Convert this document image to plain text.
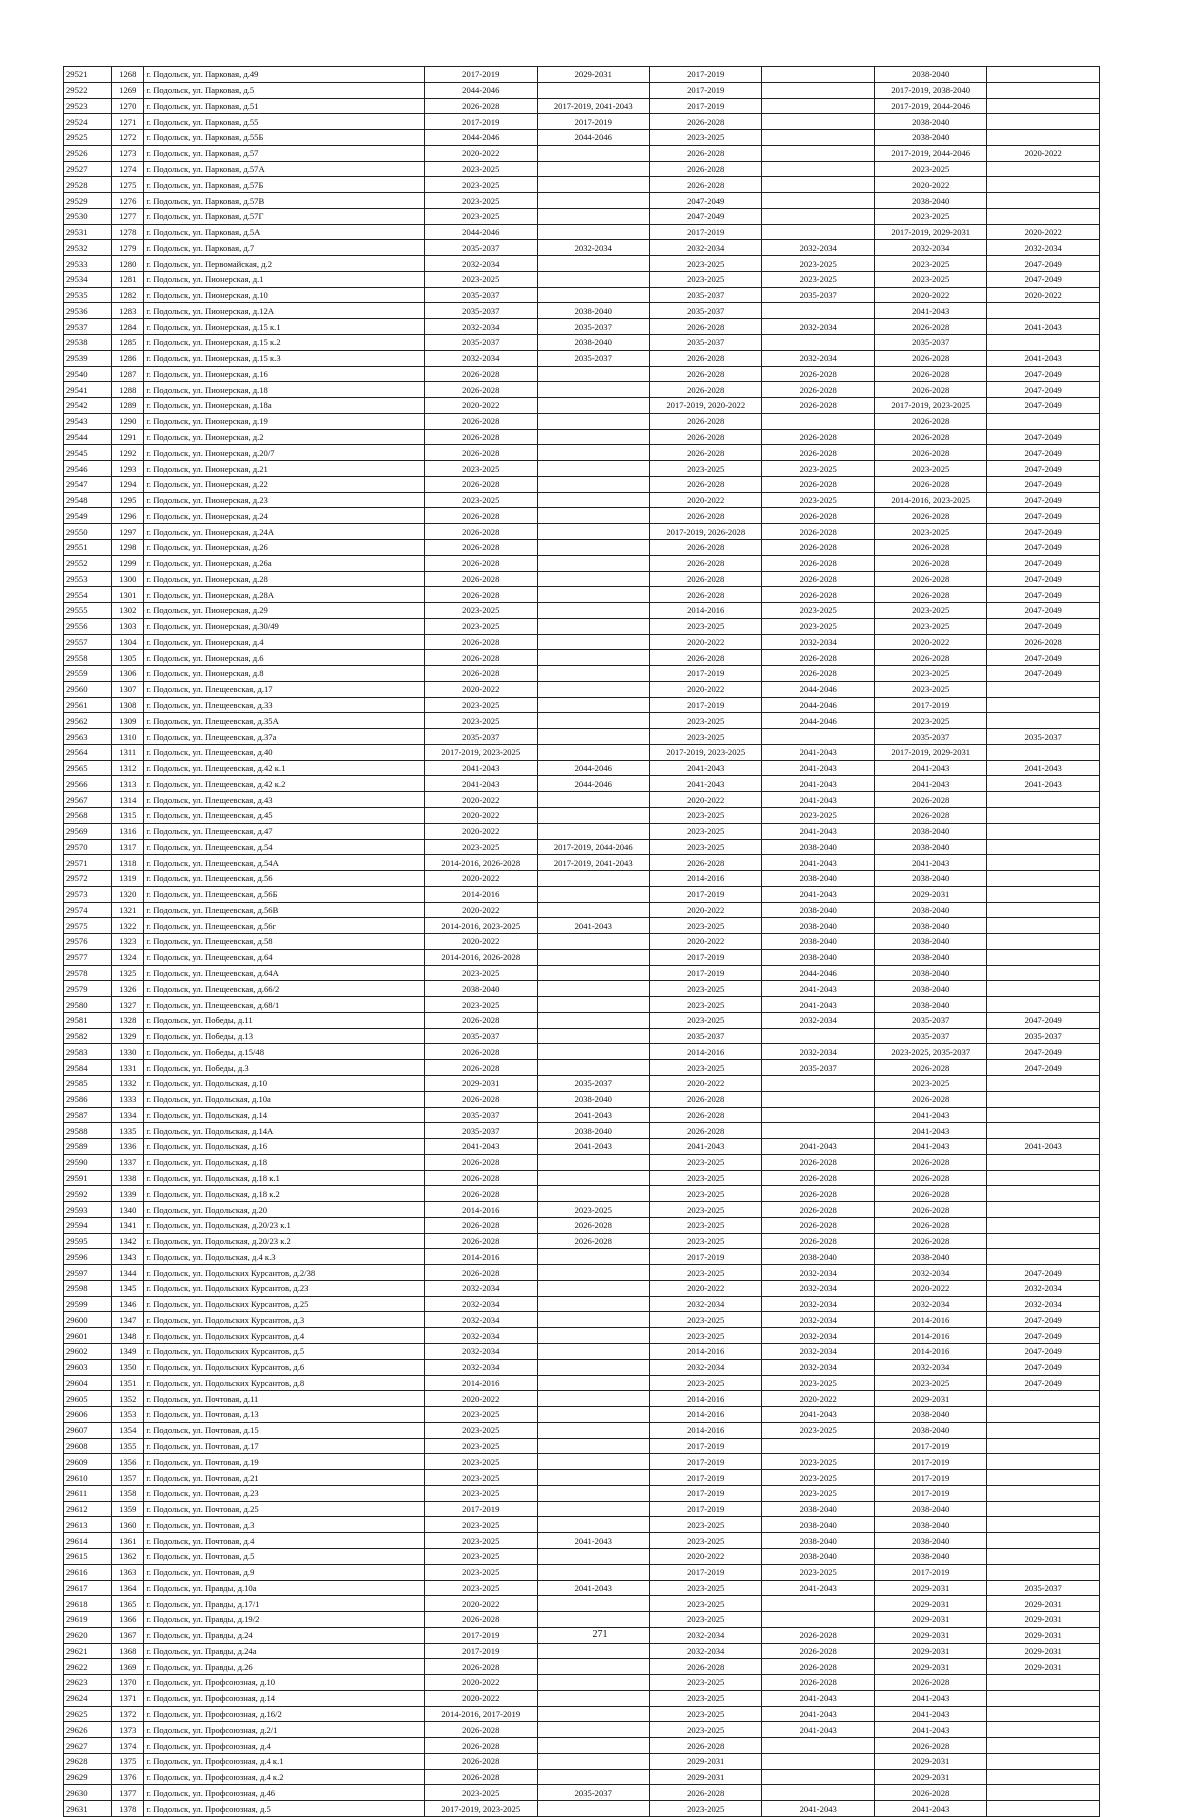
29521	1268	г. Подольск, ул. Парковая, д.49	2017-2019	2029-2031	2017-2019		2038-2040	
29522	1269	г. Подольск, ул. Парковая, д.5	2044-2046		2017-2019		2017-2019, 2038-2040	
29523	1270	г. Подольск, ул. Парковая, д.51	2026-2028	2017-2019, 2041-2043	2017-2019		2017-2019, 2044-2046	
29524	1271	г. Подольск, ул. Парковая, д.55	2017-2019	2017-2019	2026-2028		2038-2040	
29525	1272	г. Подольск, ул. Парковая, д.55Б	2044-2046	2044-2046	2023-2025		2038-2040	
29526	1273	г. Подольск, ул. Парковая, д.57	2020-2022		2026-2028		2017-2019, 2044-2046	2020-2022
29527	1274	г. Подольск, ул. Парковая, д.57А	2023-2025		2026-2028		2023-2025	
29528	1275	г. Подольск, ул. Парковая, д.57Б	2023-2025		2026-2028		2020-2022	
29529	1276	г. Подольск, ул. Парковая, д.57В	2023-2025		2047-2049		2038-2040	
29530	1277	г. Подольск, ул. Парковая, д.57Г	2023-2025		2047-2049		2023-2025	
29531	1278	г. Подольск, ул. Парковая, д.5А	2044-2046		2017-2019		2017-2019, 2029-2031	2020-2022
29532	1279	г. Подольск, ул. Парковая, д.7	2035-2037	2032-2034	2032-2034	2032-2034	2032-2034	2032-2034
29533	1280	г. Подольск, ул. Первомайская, д.2	2032-2034		2023-2025	2023-2025	2023-2025	2047-2049
29534	1281	г. Подольск, ул. Пионерская, д.1	2023-2025		2023-2025	2023-2025	2023-2025	2047-2049
29535	1282	г. Подольск, ул. Пионерская, д.10	2035-2037		2035-2037	2035-2037	2020-2022	2020-2022
29536	1283	г. Подольск, ул. Пионерская, д.12А	2035-2037	2038-2040	2035-2037		2041-2043	
29537	1284	г. Подольск, ул. Пионерская, д.15 к.1	2032-2034	2035-2037	2026-2028	2032-2034	2026-2028	2041-2043
29538	1285	г. Подольск, ул. Пионерская, д.15 к.2	2035-2037	2038-2040	2035-2037		2035-2037	
29539	1286	г. Подольск, ул. Пионерская, д.15 к.3	2032-2034	2035-2037	2026-2028	2032-2034	2026-2028	2041-2043
29540	1287	г. Подольск, ул. Пионерская, д.16	2026-2028		2026-2028	2026-2028	2026-2028	2047-2049
29541	1288	г. Подольск, ул. Пионерская, д.18	2026-2028		2026-2028	2026-2028	2026-2028	2047-2049
29542	1289	г. Подольск, ул. Пионерская, д.18а	2020-2022		2017-2019, 2020-2022	2026-2028	2017-2019, 2023-2025	2047-2049
29543	1290	г. Подольск, ул. Пионерская, д.19	2026-2028		2026-2028		2026-2028	
29544	1291	г. Подольск, ул. Пионерская, д.2	2026-2028		2026-2028	2026-2028	2026-2028	2047-2049
29545	1292	г. Подольск, ул. Пионерская, д.20/7	2026-2028		2026-2028	2026-2028	2026-2028	2047-2049
29546	1293	г. Подольск, ул. Пионерская, д.21	2023-2025		2023-2025	2023-2025	2023-2025	2047-2049
29547	1294	г. Подольск, ул. Пионерская, д.22	2026-2028		2026-2028	2026-2028	2026-2028	2047-2049
29548	1295	г. Подольск, ул. Пионерская, д.23	2023-2025		2020-2022	2023-2025	2014-2016, 2023-2025	2047-2049
29549	1296	г. Подольск, ул. Пионерская, д.24	2026-2028		2026-2028	2026-2028	2026-2028	2047-2049
29550	1297	г. Подольск, ул. Пионерская, д.24А	2026-2028		2017-2019, 2026-2028	2026-2028	2023-2025	2047-2049
29551	1298	г. Подольск, ул. Пионерская, д.26	2026-2028		2026-2028	2026-2028	2026-2028	2047-2049
29552	1299	г. Подольск, ул. Пионерская, д.26а	2026-2028		2026-2028	2026-2028	2026-2028	2047-2049
29553	1300	г. Подольск, ул. Пионерская, д.28	2026-2028		2026-2028	2026-2028	2026-2028	2047-2049
29554	1301	г. Подольск, ул. Пионерская, д.28А	2026-2028		2026-2028	2026-2028	2026-2028	2047-2049
29555	1302	г. Подольск, ул. Пионерская, д.29	2023-2025		2014-2016	2023-2025	2023-2025	2047-2049
29556	1303	г. Подольск, ул. Пионерская, д.30/49	2023-2025		2023-2025	2023-2025	2023-2025	2047-2049
29557	1304	г. Подольск, ул. Пионерская, д.4	2026-2028		2020-2022	2032-2034	2020-2022	2026-2028
29558	1305	г. Подольск, ул. Пионерская, д.6	2026-2028		2026-2028	2026-2028	2026-2028	2047-2049
29559	1306	г. Подольск, ул. Пионерская, д.8	2026-2028		2017-2019	2026-2028	2023-2025	2047-2049
29560	1307	г. Подольск, ул. Плещеевская, д.17	2020-2022		2020-2022	2044-2046	2023-2025	
29561	1308	г. Подольск, ул. Плещеевская, д.33	2023-2025		2017-2019	2044-2046	2017-2019	
29562	1309	г. Подольск, ул. Плещеевская, д.35А	2023-2025		2023-2025	2044-2046	2023-2025	
29563	1310	г. Подольск, ул. Плещеевская, д.37а	2035-2037		2023-2025		2035-2037	2035-2037
29564	1311	г. Подольск, ул. Плещеевская, д.40	2017-2019, 2023-2025		2017-2019, 2023-2025	2041-2043	2017-2019, 2029-2031	
29565	1312	г. Подольск, ул. Плещеевская, д.42 к.1	2041-2043	2044-2046	2041-2043	2041-2043	2041-2043	2041-2043
29566	1313	г. Подольск, ул. Плещеевская, д.42 к.2	2041-2043	2044-2046	2041-2043	2041-2043	2041-2043	2041-2043
29567	1314	г. Подольск, ул. Плещеевская, д.43	2020-2022		2020-2022	2041-2043	2026-2028	
29568	1315	г. Подольск, ул. Плещеевская, д.45	2020-2022		2023-2025	2023-2025	2026-2028	
29569	1316	г. Подольск, ул. Плещеевская, д.47	2020-2022		2023-2025	2041-2043	2038-2040	
29570	1317	г. Подольск, ул. Плещеевская, д.54	2023-2025	2017-2019, 2044-2046	2023-2025	2038-2040	2038-2040	
29571	1318	г. Подольск, ул. Плещеевская, д.54А	2014-2016, 2026-2028	2017-2019, 2041-2043	2026-2028	2041-2043	2041-2043	
29572	1319	г. Подольск, ул. Плещеевская, д.56	2020-2022		2014-2016	2038-2040	2038-2040	
29573	1320	г. Подольск, ул. Плещеевская, д.56Б	2014-2016		2017-2019	2041-2043	2029-2031	
29574	1321	г. Подольск, ул. Плещеевская, д.56В	2020-2022		2020-2022	2038-2040	2038-2040	
29575	1322	г. Подольск, ул. Плещеевская, д.56г	2014-2016, 2023-2025	2041-2043	2023-2025	2038-2040	2038-2040	
29576	1323	г. Подольск, ул. Плещеевская, д.58	2020-2022		2020-2022	2038-2040	2038-2040	
29577	1324	г. Подольск, ул. Плещеевская, д.64	2014-2016, 2026-2028		2017-2019	2038-2040	2038-2040	
29578	1325	г. Подольск, ул. Плещеевская, д.64А	2023-2025		2017-2019	2044-2046	2038-2040	
29579	1326	г. Подольск, ул. Плещеевская, д.66/2	2038-2040		2023-2025	2041-2043	2038-2040	
29580	1327	г. Подольск, ул. Плещеевская, д.68/1	2023-2025		2023-2025	2041-2043	2038-2040	
29581	1328	г. Подольск, ул. Победы, д.11	2026-2028		2023-2025	2032-2034	2035-2037	2047-2049
29582	1329	г. Подольск, ул. Победы, д.13	2035-2037		2035-2037		2035-2037	2035-2037
29583	1330	г. Подольск, ул. Победы, д.15/48	2026-2028		2014-2016	2032-2034	2023-2025, 2035-2037	2047-2049
29584	1331	г. Подольск, ул. Победы, д.3	2026-2028		2023-2025	2035-2037	2026-2028	2047-2049
29585	1332	г. Подольск, ул. Подольская, д.10	2029-2031	2035-2037	2020-2022		2023-2025	
29586	1333	г. Подольск, ул. Подольская, д.10а	2026-2028	2038-2040	2026-2028		2026-2028	
29587	1334	г. Подольск, ул. Подольская, д.14	2035-2037	2041-2043	2026-2028		2041-2043	
29588	1335	г. Подольск, ул. Подольская, д.14А	2035-2037	2038-2040	2026-2028		2041-2043	
29589	1336	г. Подольск, ул. Подольская, д.16	2041-2043	2041-2043	2041-2043	2041-2043	2041-2043	2041-2043
29590	1337	г. Подольск, ул. Подольская, д.18	2026-2028		2023-2025	2026-2028	2026-2028	
29591	1338	г. Подольск, ул. Подольская, д.18 к.1	2026-2028		2023-2025	2026-2028	2026-2028	
29592	1339	г. Подольск, ул. Подольская, д.18 к.2	2026-2028		2023-2025	2026-2028	2026-2028	
29593	1340	г. Подольск, ул. Подольская, д.20	2014-2016	2023-2025	2023-2025	2026-2028	2026-2028	
29594	1341	г. Подольск, ул. Подольская, д.20/23 к.1	2026-2028	2026-2028	2023-2025	2026-2028	2026-2028	
29595	1342	г. Подольск, ул. Подольская, д.20/23 к.2	2026-2028	2026-2028	2023-2025	2026-2028	2026-2028	
29596	1343	г. Подольск, ул. Подольская, д.4 к.3	2014-2016		2017-2019	2038-2040	2038-2040	
29597	1344	г. Подольск, ул. Подольских Курсантов, д.2/38	2026-2028		2023-2025	2032-2034	2032-2034	2047-2049
29598	1345	г. Подольск, ул. Подольских Курсантов, д.23	2032-2034		2020-2022	2032-2034	2020-2022	2032-2034
29599	1346	г. Подольск, ул. Подольских Курсантов, д.25	2032-2034		2032-2034	2032-2034	2032-2034	2032-2034
29600	1347	г. Подольск, ул. Подольских Курсантов, д.3	2032-2034		2023-2025	2032-2034	2014-2016	2047-2049
29601	1348	г. Подольск, ул. Подольских Курсантов, д.4	2032-2034		2023-2025	2032-2034	2014-2016	2047-2049
29602	1349	г. Подольск, ул. Подольских Курсантов, д.5	2032-2034		2014-2016	2032-2034	2014-2016	2047-2049
29603	1350	г. Подольск, ул. Подольских Курсантов, д.6	2032-2034		2032-2034	2032-2034	2032-2034	2047-2049
29604	1351	г. Подольск, ул. Подольских Курсантов, д.8	2014-2016		2023-2025	2023-2025	2023-2025	2047-2049
29605	1352	г. Подольск, ул. Почтовая, д.11	2020-2022		2014-2016	2020-2022	2029-2031	
29606	1353	г. Подольск, ул. Почтовая, д.13	2023-2025		2014-2016	2041-2043	2038-2040	
29607	1354	г. Подольск, ул. Почтовая, д.15	2023-2025		2014-2016	2023-2025	2038-2040	
29608	1355	г. Подольск, ул. Почтовая, д.17	2023-2025		2017-2019		2017-2019	
29609	1356	г. Подольск, ул. Почтовая, д.19	2023-2025		2017-2019	2023-2025	2017-2019	
29610	1357	г. Подольск, ул. Почтовая, д.21	2023-2025		2017-2019	2023-2025	2017-2019	
29611	1358	г. Подольск, ул. Почтовая, д.23	2023-2025		2017-2019	2023-2025	2017-2019	
29612	1359	г. Подольск, ул. Почтовая, д.25	2017-2019		2017-2019	2038-2040	2038-2040	
29613	1360	г. Подольск, ул. Почтовая, д.3	2023-2025		2023-2025	2038-2040	2038-2040	
29614	1361	г. Подольск, ул. Почтовая, д.4	2023-2025	2041-2043	2023-2025	2038-2040	2038-2040	
29615	1362	г. Подольск, ул. Почтовая, д.5	2023-2025		2020-2022	2038-2040	2038-2040	
29616	1363	г. Подольск, ул. Почтовая, д.9	2023-2025		2017-2019	2023-2025	2017-2019	
29617	1364	г. Подольск, ул. Правды, д.10а	2023-2025	2041-2043	2023-2025	2041-2043	2029-2031	2035-2037
29618	1365	г. Подольск, ул. Правды, д.17/1	2020-2022		2023-2025		2029-2031	2029-2031
29619	1366	г. Подольск, ул. Правды, д.19/2	2026-2028		2023-2025		2029-2031	2029-2031
29620	1367	г. Подольск, ул. Правды, д.24	2017-2019		2032-2034	2026-2028	2029-2031	2029-2031
29621	1368	г. Подольск, ул. Правды, д.24а	2017-2019		2032-2034	2026-2028	2029-2031	2029-2031
29622	1369	г. Подольск, ул. Правды, д.26	2026-2028		2026-2028	2026-2028	2029-2031	2029-2031
29623	1370	г. Подольск, ул. Профсоюзная, д.10	2020-2022		2023-2025	2026-2028	2026-2028	
29624	1371	г. Подольск, ул. Профсоюзная, д.14	2020-2022		2023-2025	2041-2043	2041-2043	
29625	1372	г. Подольск, ул. Профсоюзная, д.16/2	2014-2016, 2017-2019		2023-2025	2041-2043	2041-2043	
29626	1373	г. Подольск, ул. Профсоюзная, д.2/1	2026-2028		2023-2025	2041-2043	2041-2043	
29627	1374	г. Подольск, ул. Профсоюзная, д.4	2026-2028		2026-2028		2026-2028	
29628	1375	г. Подольск, ул. Профсоюзная, д.4 к.1	2026-2028		2029-2031		2029-2031	
29629	1376	г. Подольск, ул. Профсоюзная, д.4 к.2	2026-2028		2029-2031		2029-2031	
29630	1377	г. Подольск, ул. Профсоюзная, д.46	2023-2025	2035-2037	2026-2028		2026-2028	
29631	1378	г. Подольск, ул. Профсоюзная, д.5	2017-2019, 2023-2025		2023-2025	2041-2043	2041-2043	
271
